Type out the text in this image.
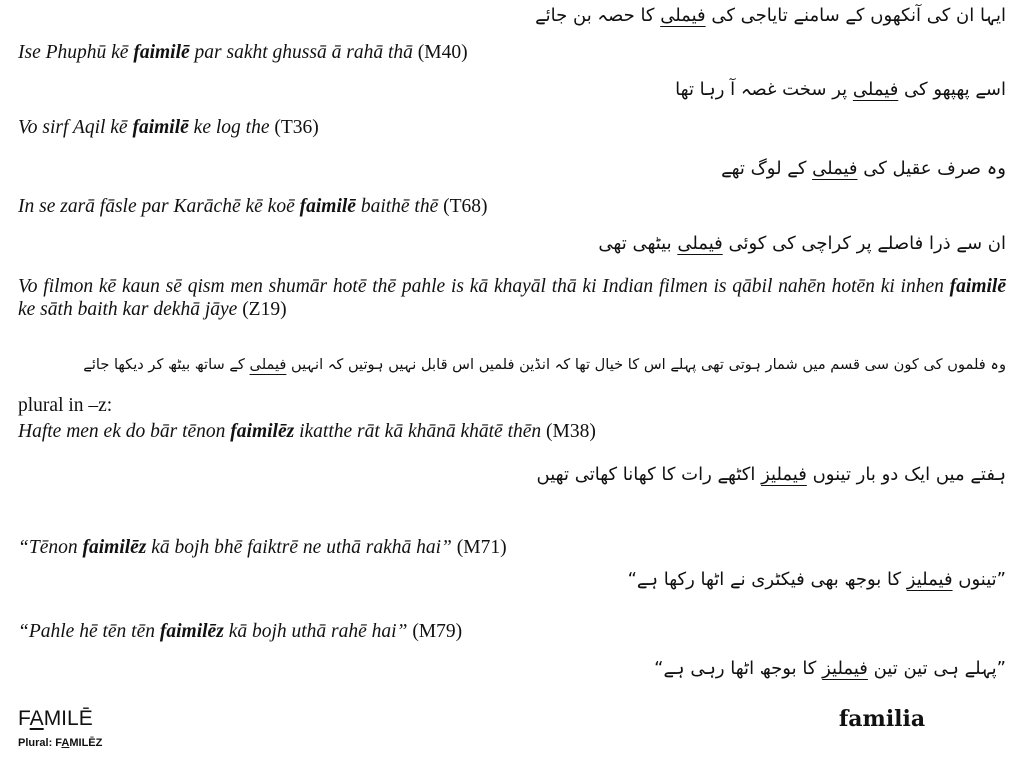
ایہا ان کی آنکھوں کے سامنے تایاجی کی فیملی کا حصہ بن جائے
Ise Phuphū kē faimilē par sakht ghussā ā rahā thā (M40)
اسے پھپھو کی فیملی پر سخت غصہ آ رہا تھا
Vo sirf Aqil kē faimilē ke log the (T36)
وہ صرف عقیل کی فیملی کے لوگ تھے
In se zarā fāsle par Karāchē kē koē faimilē baithē thē (T68)
ان سے ذرا فاصلے پر کراچی کی کوئی فیملی بیٹھی تھی
Vo filmon kē kaun sē qism men shumār hotē thē pahle is kā khayāl thā ki Indian filmen is qābil nahēn hotēn ki inhen faimilē ke sāth baith kar dekhā jāye (Z19)
وہ فلموں کی کون سی قسم میں شمار ہوتی تھی پہلے اس کا خیال تھا کہ انڈین فلمیں اس قابل نہیں ہوتیں کہ انہیں فیملی کے ساتھ بیٹھ کر دیکھا جائے
plural in –z:
Hafte men ek do bār tēnon faimilēz ikatthe rāt kā khānā khātē thēn (M38)
ہفتے میں ایک دو بار تینوں فیملیز اکٹھے رات کا کھانا کھاتی تھیں
“Tēnon faimilēz kā bojh bhē faiktrē ne uthā rakhā hai” (M71)
”تینوں فیملیز کا بوجھ بھی فیکٹری نے اٹھا رکھا ہے“
“Pahle hē tēn tēn faimilēz kā bojh uthā rahē hai” (M79)
”پہلے ہی تین تین فیملیز کا بوجھ اٹھا رہی ہے“
FAMILĒ
Plural: FAMILĒZ
familia
